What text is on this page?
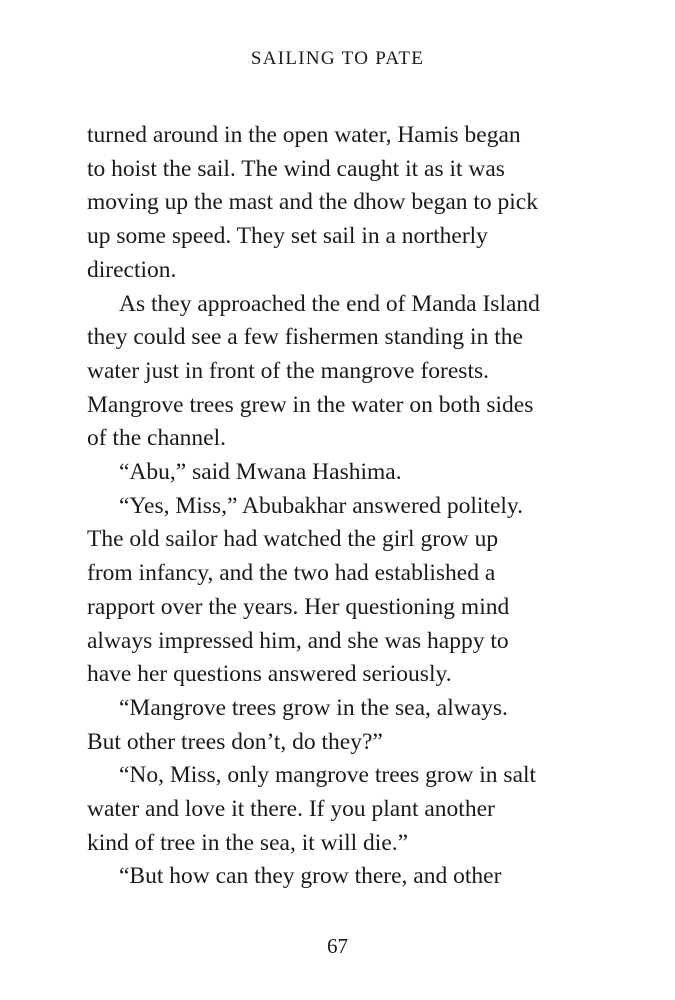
SAILING TO PATE

turned around in the open water, Hamis began

to hoist the sail. The wind caught it as it was

moving up the mast and the dhow began to pick

up some speed. They set sail in a northerly

direction.

As they approached the end of Manda Island

they could see a few fishermen standing in the

water just in front of the mangrove forests.

Mangrove trees grew in the water on both sides

of the channel.

“Abu,” said Mwana Hashima.

“Yes, Miss,” Abubakhar answered politely.

The old sailor had watched the girl grow up

from infancy, and the two had established a

rapport over the years. Her questioning mind

always impressed him, and she was happy to

have her questions answered seriously.

“Mangrove trees grow in the sea, always.

But other trees don’t, do they?”

“No, Miss, only mangrove trees grow in salt

water and love it there. If you plant another

kind of tree in the sea, it will die.”

“But how can they grow there, and other

67
